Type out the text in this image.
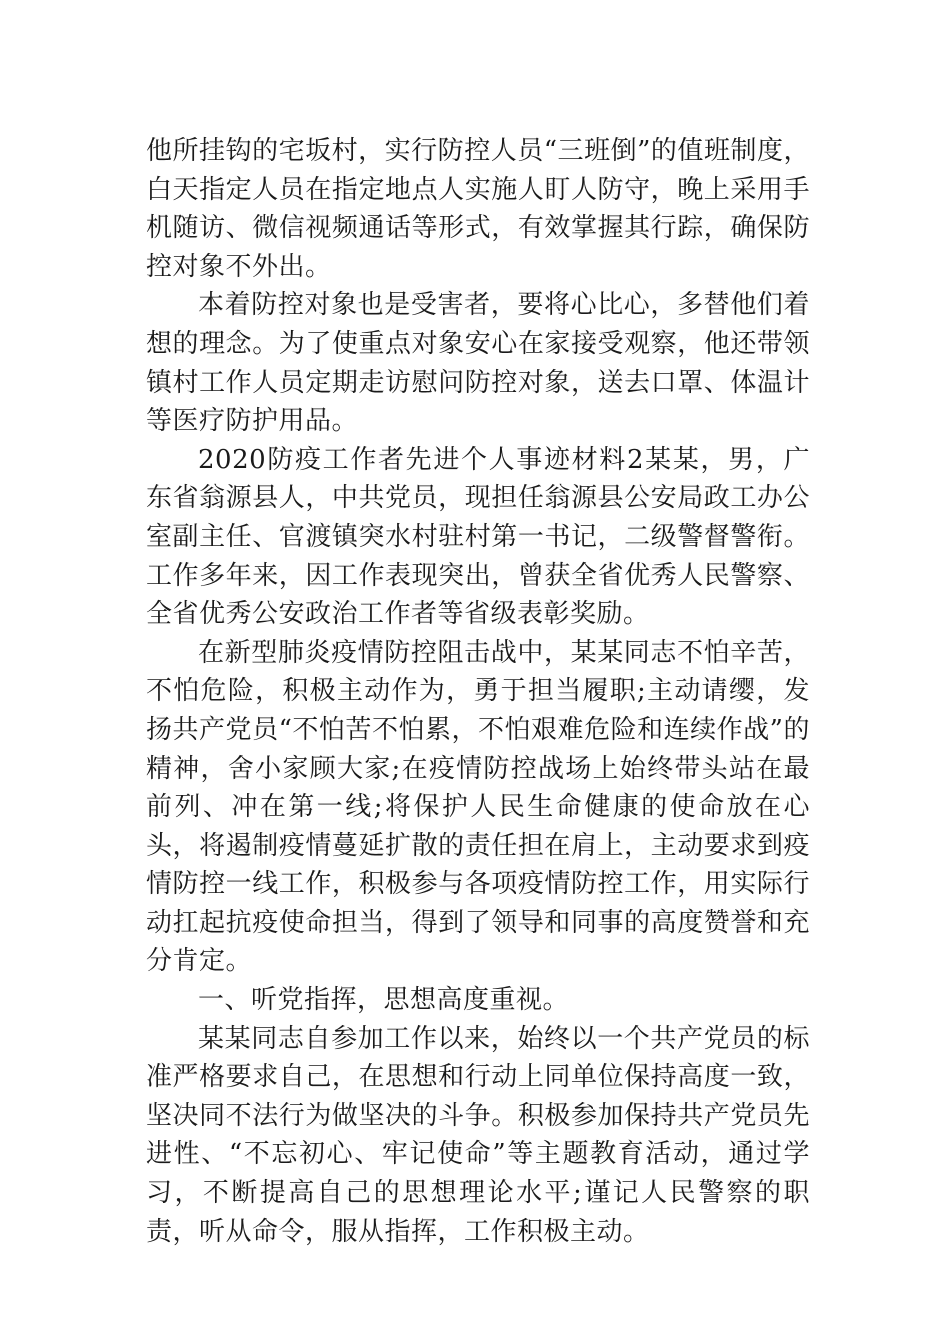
他所挂钩的宅坂村，实行防控人员“三班倒”的值班制度，白天指定人员在指定地点人实施人盯人防守，晚上采用手机随访、微信视频通话等形式，有效掌握其行踪，确保防控对象不外出。

本着防控对象也是受害者，要将心比心，多替他们着想的理念。为了使重点对象安心在家接受观察，他还带领镇村工作人员定期走访慰问防控对象，送去口罩、体温计等医疗防护用品。

2020防疫工作者先进个人事迹材料2某某，男，广东省翁源县人，中共党员，现担任翁源县公安局政工办公室副主任、官渡镇突水村驻村第一书记，二级警督警衔。工作多年来，因工作表现突出，曾获全省优秀人民警察、全省优秀公安政治工作者等省级表彰奖励。

在新型肺炎疫情防控阻击战中，某某同志不怕辛苦，不怕危险，积极主动作为，勇于担当履职;主动请缨，发扬共产党员“不怕苦不怕累，不怕艰难危险和连续作战”的精神，舍小家顾大家;在疫情防控战场上始终带头站在最前列、冲在第一线;将保护人民生命健康的使命放在心头，将遏制疫情蔓延扩散的责任担在肩上，主动要求到疫情防控一线工作，积极参与各项疫情防控工作，用实际行动扛起抗疫使命担当，得到了领导和同事的高度赞誉和充分肯定。

一、听党指挥，思想高度重视。

某某同志自参加工作以来，始终以一个共产党员的标准严格要求自己，在思想和行动上同单位保持高度一致，坚决同不法行为做坚决的斗争。积极参加保持共产党员先进性、“不忘初心、牢记使命”等主题教育活动，通过学习，不断提高自己的思想理论水平;谨记人民警察的职责，听从命令，服从指挥，工作积极主动。
